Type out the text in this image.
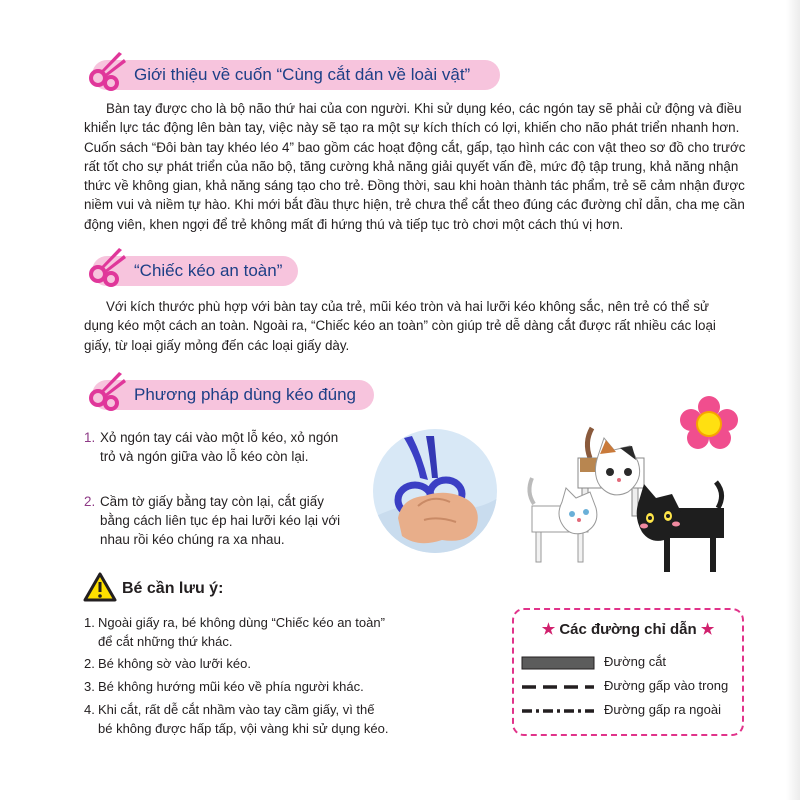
Giới thiệu về cuốn “Cùng cắt dán về loài vật”
Bàn tay được cho là bộ não thứ hai của con người. Khi sử dụng kéo, các ngón tay sẽ phải cử động và điều
khiển lực tác động lên bàn tay, việc này sẽ tạo ra một sự kích thích có lợi, khiến cho não phát triển nhanh hơn.
Cuốn sách “Đôi bàn tay khéo léo 4” bao gồm các hoạt động cắt, gấp, tạo hình các con vật theo sơ đồ cho trước
rất tốt cho sự phát triển của não bộ, tăng cường khả năng giải quyết vấn đề, mức độ tập trung, khả năng nhận
thức về không gian, khả năng sáng tạo cho trẻ. Đồng thời, sau khi hoàn thành tác phẩm, trẻ sẽ cảm nhận được
niềm vui và niềm tự hào. Khi mới bắt đầu thực hiện, trẻ chưa thể cắt theo đúng các đường chỉ dẫn, cha mẹ cần
động viên, khen ngợi để trẻ không mất đi hứng thú và tiếp tục trò chơi một cách thú vị hơn.
“Chiếc kéo an toàn”
Với kích thước phù hợp với bàn tay của trẻ, mũi kéo tròn và hai lưỡi kéo không sắc, nên trẻ có thể sử
dụng kéo một cách an toàn. Ngoài ra, “Chiếc kéo an toàn” còn giúp trẻ dễ dàng cắt được rất nhiều các loại
giấy, từ loại giấy mỏng đến các loại giấy dày.
Phương pháp dùng kéo đúng
1. Xỏ ngón tay cái vào một lỗ kéo, xỏ ngón
trỏ và ngón giữa vào lỗ kéo còn lại.
2. Cầm tờ giấy bằng tay còn lại, cắt giấy
bằng cách liên tục ép hai lưỡi kéo lại với
nhau rồi kéo chúng ra xa nhau.
Bé cần lưu ý:
1. Ngoài giấy ra, bé không dùng “Chiếc kéo an toàn”
để cắt những thứ khác.
2. Bé không sờ vào lưỡi kéo.
3. Bé không hướng mũi kéo về phía người khác.
4. Khi cắt, rất dễ cắt nhầm vào tay cầm giấy, vì thế
bé không được hấp tấp, vội vàng khi sử dụng kéo.
★ Các đường chỉ dẫn ★
Đường cắt
Đường gấp vào trong
Đường gấp ra ngoài
